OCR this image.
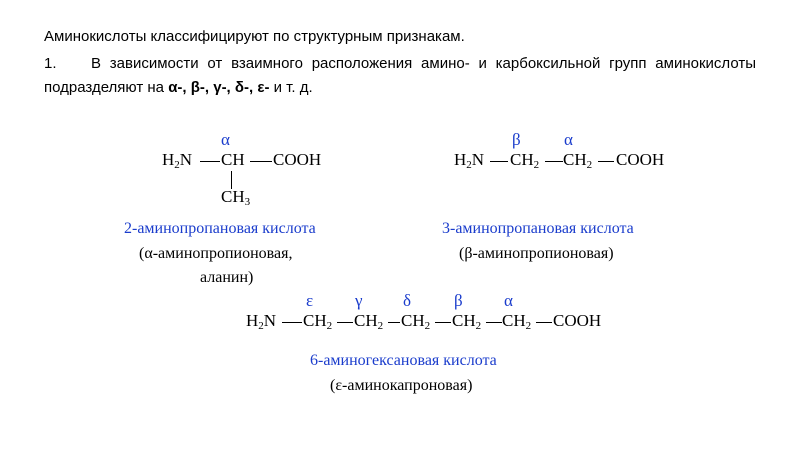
Аминокислоты классифицируют по структурным признакам.
1. В зависимости от взаимного расположения амино- и карбоксильной групп аминокислоты подразделяют на α-, β-, γ-, δ-, ε- и т. д.
α
$H_2N$ CH COOH
$CH_3$
2-аминопропановая кислота
(α-аминопропионовая,
аланин)
β	α
$H_2N$ $CH_2$ $CH_2$ COOH
3-аминопропановая кислота
(β-аминопропионовая)
ε γ δ	β α
$H_2N$ $CH_2$ $CH_2$ $CH_2$ $CH_2$ $CH_2$ COOH
6-аминогексановая кислота
(ε-аминокапроновая)
